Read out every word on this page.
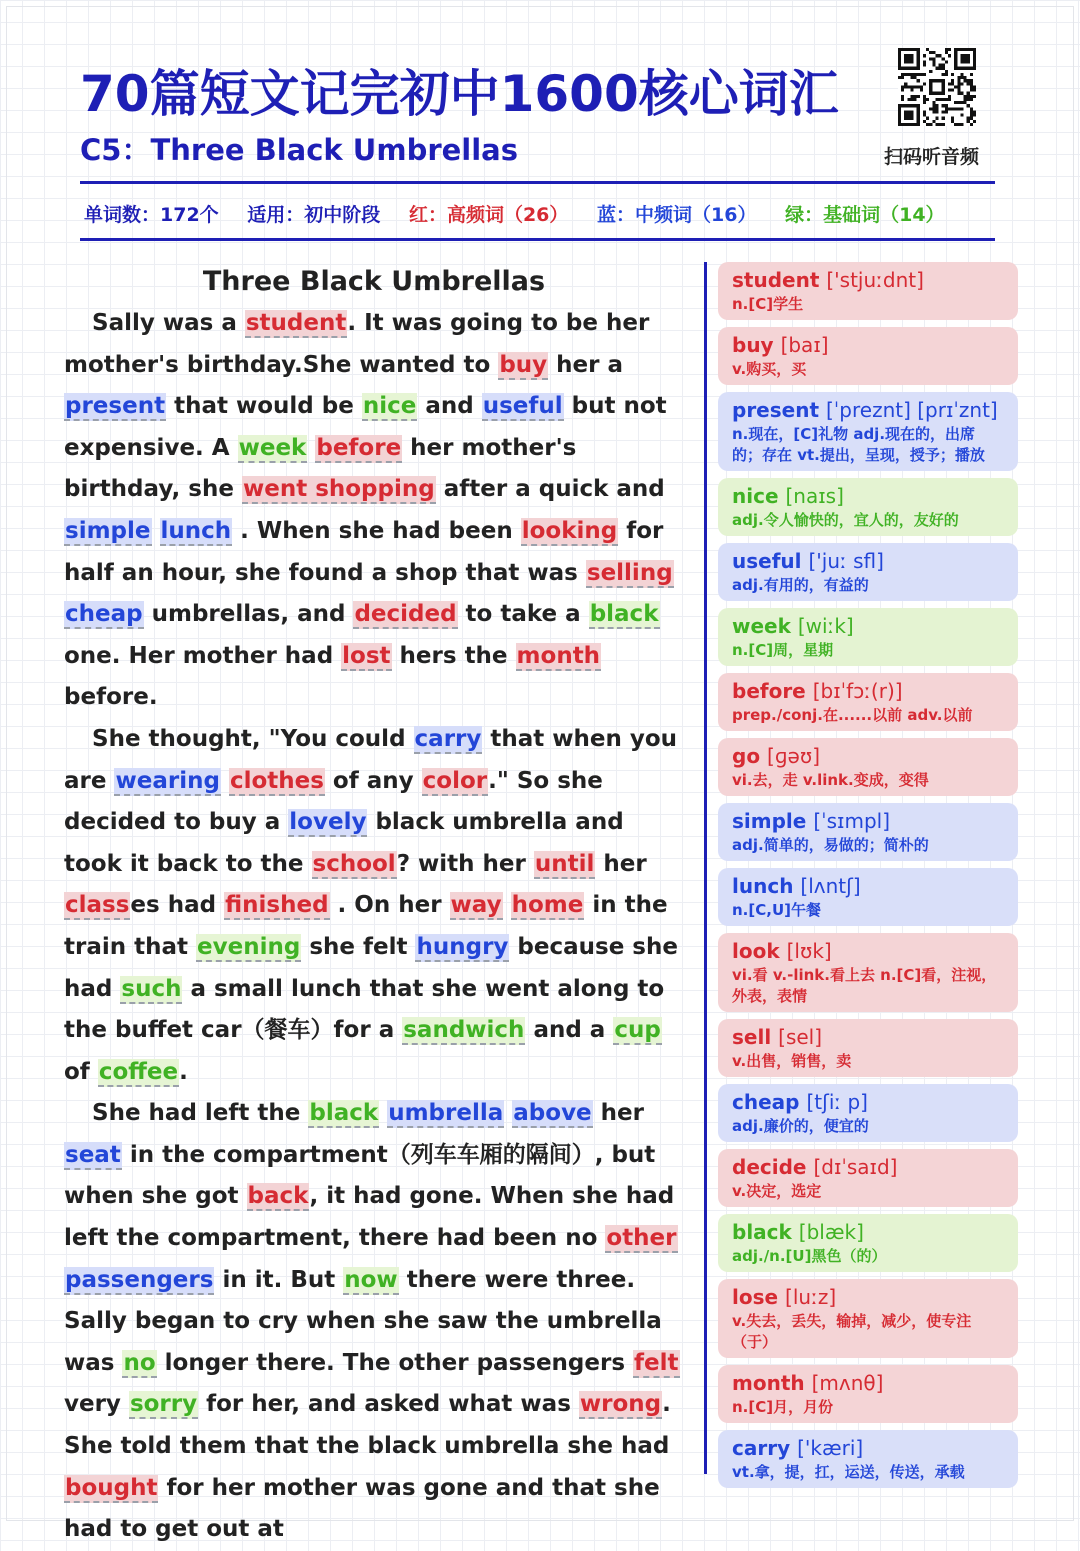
70篇短文记完初中1600核心词汇
C5：Three Black Umbrellas	扫码听音频
单词数：172个 适用：初中阶段 红：高频词（26） 蓝：中频词（16） 绿：基础词（14）
Three Black Umbrellas

Sally was a student. It was going to be her mother's birthday.She wanted to buy her a present that would be nice and useful but not expensive. A week before her mother's birthday, she went shopping after a quick and simple lunch . When she had been looking for half an hour, she found a shop that was selling cheap umbrellas, and decided to take a black one. Her mother had lost hers the month before.

She thought, "You could carry that when you are wearing clothes of any color." So she decided to buy a lovely black umbrella and took it back to the school? with her until her classes had finished . On her way home in the train that evening she felt hungry because she had such a small lunch that she went along to the buffet car（餐车）for a sandwich and a cup of coffee.

She had left the black umbrella above her seat in the compartment（列车车厢的隔间）, but when she got back, it had gone. When she had left the compartment, there had been no other passengers in it. But now there were three. Sally began to cry when she saw the umbrella was no longer there. The other passengers felt very sorry for her, and asked what was wrong. She told them that the black umbrella she had bought for her mother was gone and that she had to get out at

student ['stjuːdnt]
n.[C]学生
buy [baɪ]
v.购买，买
present [ˈpreznt] [prɪˈznt]
n.现在，[C]礼物 adj.现在的，出席的；存在 vt.提出，呈现，授予；播放
nice [naɪs]
adj.令人愉快的，宜人的，友好的
useful ['juː sfl]
adj.有用的，有益的
week [wiːk]
n.[C]周，星期
before [bɪˈfɔː(r)]
prep./conj.在......以前 adv.以前
go [ɡəʊ]
vi.去，走 v.link.变成，变得
simple [ˈsɪmpl]
adj.简单的，易做的；简朴的
lunch [lʌntʃ]
n.[C,U]午餐
look [lʊk]
vi.看 v.-link.看上去 n.[C]看，注视，外表，表情
sell [sel]
v.出售，销售，卖
cheap [tʃiː p]
adj.廉价的，便宜的
decide [dɪˈsaɪd]
v.决定，选定
black [blæk]
adj./n.[U]黑色（的）
lose [luːz]
v.失去，丢失，输掉，减少，使专注（于）
month [mʌnθ]
n.[C]月，月份
carry ['kæri]
vt.拿，提，扛，运送，传送，承载
